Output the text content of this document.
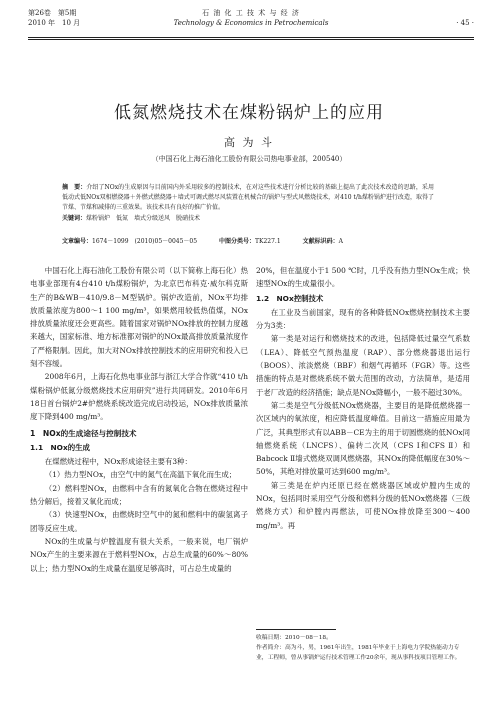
第26卷　第5期
2010 年　10 月
石 油 化 工 技 术 与 经 济
Technology & Economics in Petrochemicals	· 45 ·
低氮燃烧技术在煤粉锅炉上的应用
高 为 斗
（中国石化上海石油化工股份有限公司热电事业部，200540）
摘　要：介绍了NOx的生成原因与目前国内外采用较多的控制技术，在对这些技术进行分析比较的基础上提出了此次技术改造的思路，采用低动式低NOx双相燃烧器＋外燃式燃烧器＋墙式可调式燃尽风装置在机械合的锅炉与型式风燃烧技术，对410 t/h煤粉锅炉进行改造，取得了节煤、节煤和减排的三重效果。该技术具有良好的推广价值。
关键词：煤粉锅炉　低氮　墙式分级送风　脱硝技术
文章编号：1674－1099　(2010)05－0045－05	中图分类号：TK227.1	文献标识码：A

中国石化上海石油化工股份有限公司（以下简称上海石化）热电事业部现有4台410 t/h煤粉锅炉，为北京巴布科克·威尔科克斯生产的B&WB－410/9.8－M型锅炉。锅炉改造前，NOx平均排放质量浓度为800～1 100 mg/m³，如果燃用较低热值煤，NOx排放质量浓度还会更高些。随着国家对锅炉NOx排放的控制力度越来越大，国家标准、地方标准都对锅炉的NOx最高排放质量浓度作了严格限制。因此，加大对NOx排放控制技术的应用研究和投入已刻不容缓。

2008年6月，上海石化热电事业部与浙江大学合作就“410 t/h煤粉锅炉低氮分级燃烧技术应用研究”进行共同研发。2010年6月18日首台锅炉2#炉燃烧系统改造完成启动投运，NOx排放质量浓度下降到400 mg/m³。

1　NOx的生成途径与控制技术
1.1　NOx的生成

在煤燃烧过程中，NOx形成途径主要有3种：

（1）热力型NOx，由空气中的氮气在高温下氧化而生成；

（2）燃料型NOx，由燃料中含有的氮氧化合物在燃烧过程中热分解后，接着又氧化而成；

（3）快速型NOx，由燃烧时空气中的氮和燃料中的碳氢离子团等反应生成。

NOx的生成量与炉膛温度有很大关系，一般来说，电厂锅炉NOx产生的主要来源在于燃料型NOx，占总生成量的60%～80%以上；热力型NOx的生成量在温度足够高时，可占总生成量的

20%，但在温度小于1 500 ℃时，几乎没有热力型NOx生成；快速型NOx的生成量很小。

1.2　NOx控制技术

在工业及当前国家，现有的各种降低NOx燃烧控制技术主要分为3类：

第一类是对运行和燃烧技术的改进，包括降低过量空气系数（LEA）、降低空气预热温度（RAP）、部分燃烧器退出运行（BOOS）、浓淡燃烧（BBF）和烟气再循环（FGR）等。这些措施的特点是对燃烧系统不做大范围的改动，方法简单，是适用于老厂改造的经济措施；缺点是NOx降幅小，一般不超过30%。

第二类是空气分级低NOx燃烧器，主要目的是降低燃烧器一次区域内的氧浓度，相应降低温度峰值。目前这一措施应用最为广泛，其典型形式有以ABB－CE为主的用于切圆燃烧的低NOx同轴燃烧系统（LNCFS）、偏转二次风（CFS Ⅰ和CFS Ⅱ）和Babcock Ⅱ墙式燃烧双调风燃烧器，其NOx的降低幅度在30%～50%，其绝对排放量可达到600 mg/m³。

第三类是在炉内还原已经在燃烧器区域或炉膛内生成的NOx，包括同时采用空气分级和燃料分级的低NOx燃烧器（三级燃烧方式）和炉膛内再燃法，可使NOx排放降至300～400 mg/m³。再

收稿日期：2010－08－18。
作者简介：高为斗，男，1961年出生，1981年毕业于上海电力学院热能动力专业，工程师，曾从事锅炉运行技术管理工作20余年，现从事科技项目管理工作。
